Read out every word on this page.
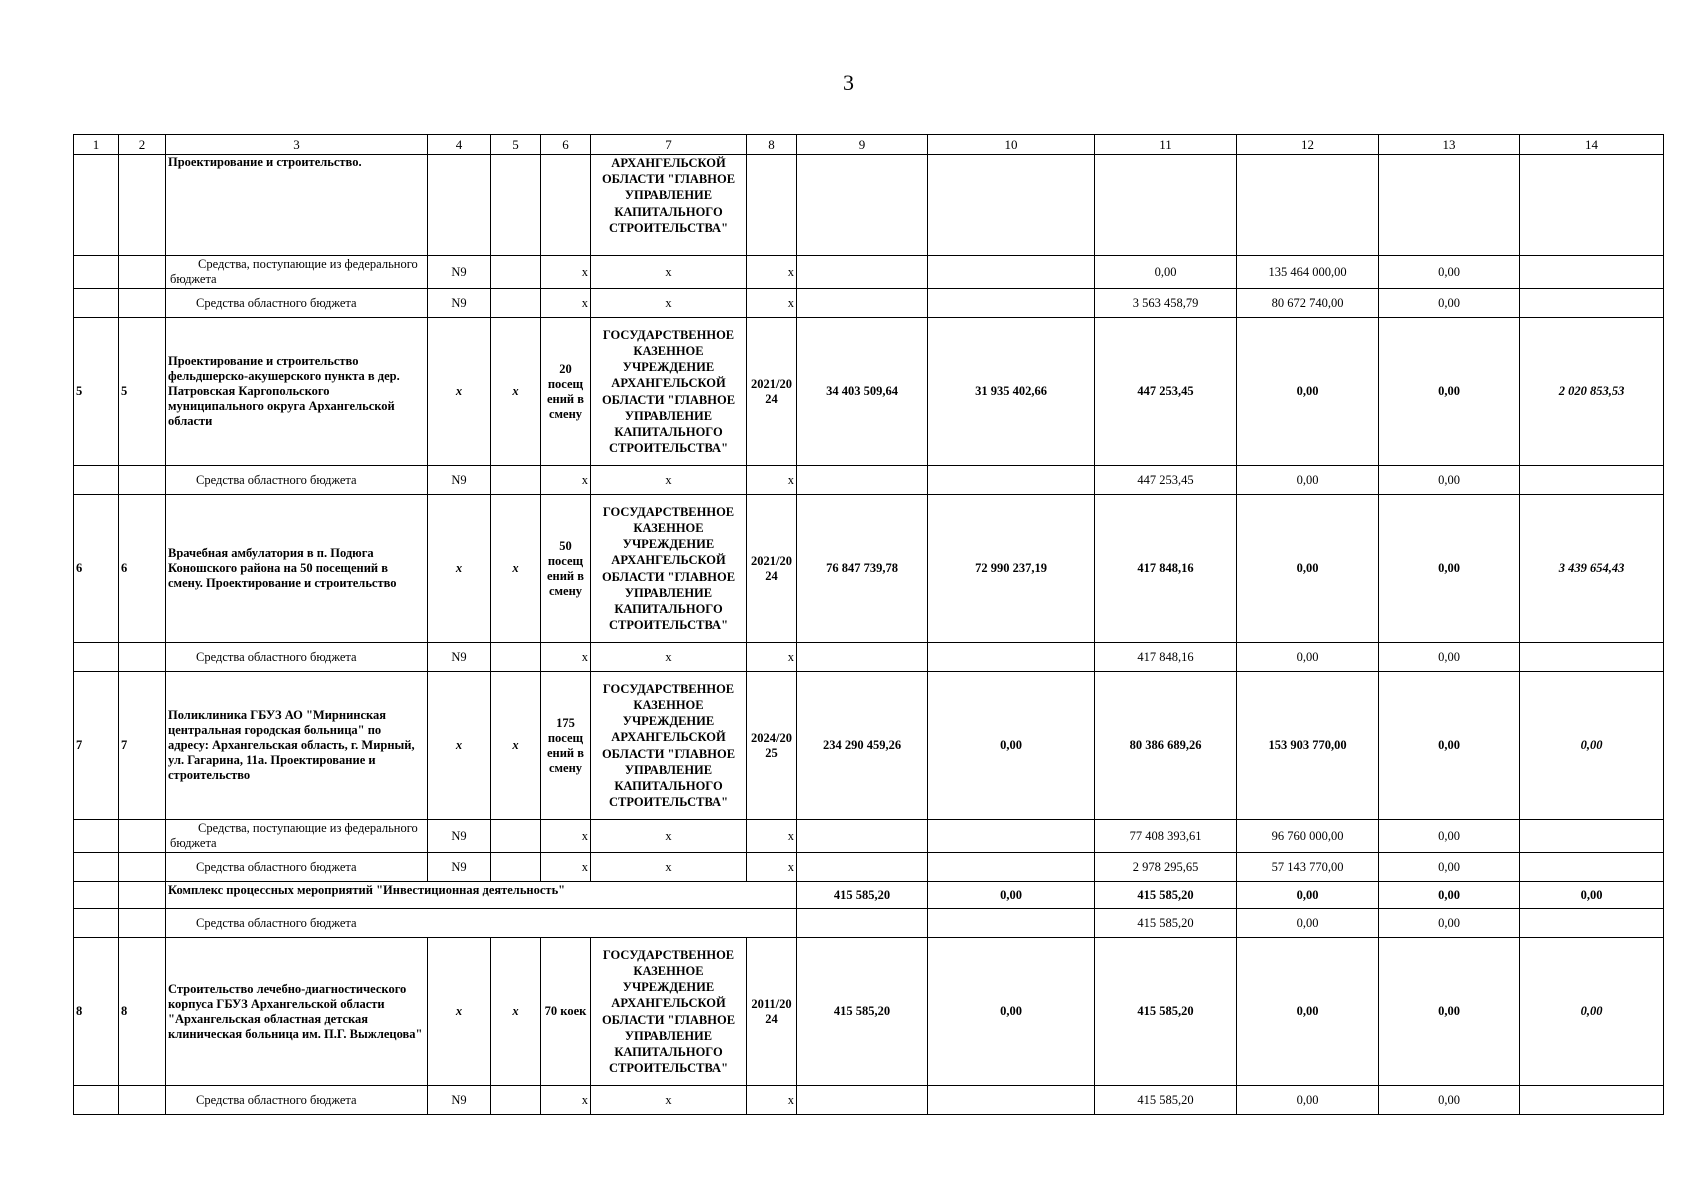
3
1	2	3	4	5	6	7	8	9	10	11	12	13	14
		Проектирование и строительство.				АРХАНГЕЛЬСКОЙ ОБЛАСТИ "ГЛАВНОЕ УПРАВЛЕНИЕ КАПИТАЛЬНОГО СТРОИТЕЛЬСТВА"							
		Средства, поступающие из федерального бюджета	N9		x	x	x			0,00	135 464 000,00	0,00	
		Средства областного бюджета	N9		x	x	x			3 563 458,79	80 672 740,00	0,00	
5	5	Проектирование и строительство фельдшерско-акушерского пункта в дер. Патровская Каргопольского муниципального округа Архангельской области	x	x	20 посещ ений в смену	ГОСУДАРСТВЕННОЕ КАЗЕННОЕ УЧРЕЖДЕНИЕ АРХАНГЕЛЬСКОЙ ОБЛАСТИ "ГЛАВНОЕ УПРАВЛЕНИЕ КАПИТАЛЬНОГО СТРОИТЕЛЬСТВА"	2021/20 24	34 403 509,64	31 935 402,66	447 253,45	0,00	0,00	2 020 853,53
		Средства областного бюджета	N9		x	x	x			447 253,45	0,00	0,00	
6	6	Врачебная амбулатория в п. Подюга Коношского района на 50 посещений в смену. Проектирование и строительство	x	x	50 посещ ений в смену	ГОСУДАРСТВЕННОЕ КАЗЕННОЕ УЧРЕЖДЕНИЕ АРХАНГЕЛЬСКОЙ ОБЛАСТИ "ГЛАВНОЕ УПРАВЛЕНИЕ КАПИТАЛЬНОГО СТРОИТЕЛЬСТВА"	2021/20 24	76 847 739,78	72 990 237,19	417 848,16	0,00	0,00	3 439 654,43
		Средства областного бюджета	N9		x	x	x			417 848,16	0,00	0,00	
7	7	Поликлиника ГБУЗ АО "Мирнинская центральная городская больница" по адресу: Архангельская область, г. Мирный, ул. Гагарина, 11а. Проектирование и строительство	x	x	175 посещ ений в смену	ГОСУДАРСТВЕННОЕ КАЗЕННОЕ УЧРЕЖДЕНИЕ АРХАНГЕЛЬСКОЙ ОБЛАСТИ "ГЛАВНОЕ УПРАВЛЕНИЕ КАПИТАЛЬНОГО СТРОИТЕЛЬСТВА"	2024/20 25	234 290 459,26	0,00	80 386 689,26	153 903 770,00	0,00	0,00
		Средства, поступающие из федерального бюджета	N9		x	x	x			77 408 393,61	96 760 000,00	0,00	
		Средства областного бюджета	N9		x	x	x			2 978 295,65	57 143 770,00	0,00	
		Комплекс процессных мероприятий "Инвестиционная деятельность"						415 585,20	0,00	415 585,20	0,00	0,00	0,00
		Средства областного бюджета								415 585,20	0,00	0,00	
8	8	Строительство лечебно-диагностического корпуса ГБУЗ Архангельской области "Архангельская областная детская клиническая больница им. П.Г. Выжлецова"	x	x	70 коек	ГОСУДАРСТВЕННОЕ КАЗЕННОЕ УЧРЕЖДЕНИЕ АРХАНГЕЛЬСКОЙ ОБЛАСТИ "ГЛАВНОЕ УПРАВЛЕНИЕ КАПИТАЛЬНОГО СТРОИТЕЛЬСТВА"	2011/20 24	415 585,20	0,00	415 585,20	0,00	0,00	0,00
		Средства областного бюджета	N9		x	x	x			415 585,20	0,00	0,00	
